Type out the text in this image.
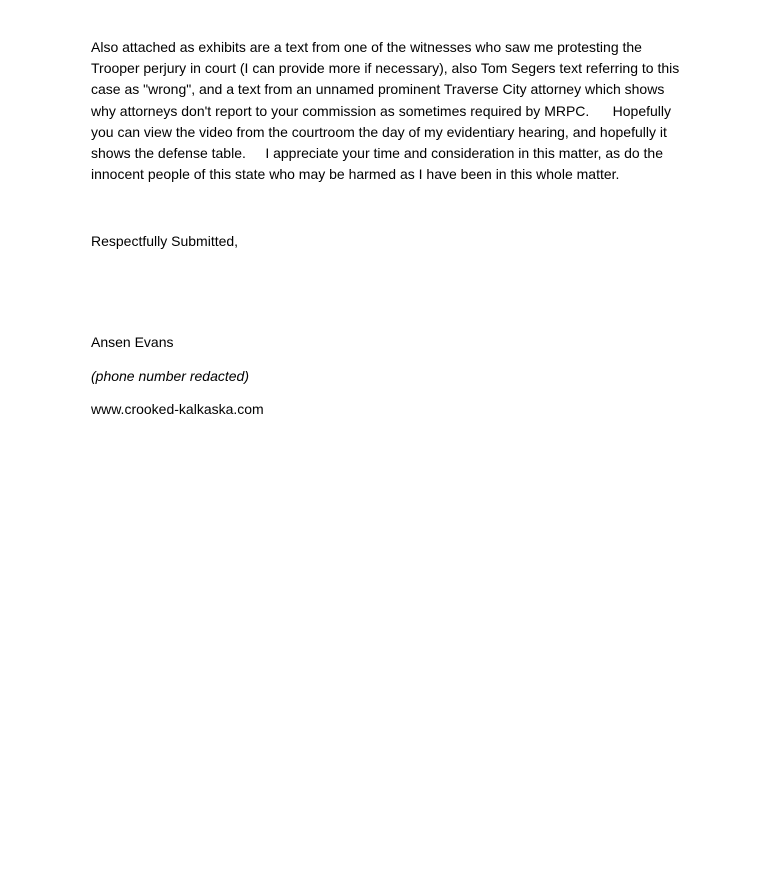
Also attached as exhibits are a text from one of the witnesses who saw me protesting the
Trooper perjury in court (I can provide more if necessary), also Tom Segers text referring to this
case as "wrong", and a text from an unnamed prominent Traverse City attorney which shows
why attorneys don't report to your commission as sometimes required by MRPC.      Hopefully
you can view the video from the courtroom the day of my evidentiary hearing, and hopefully it
shows the defense table.     I appreciate your time and consideration in this matter, as do the
innocent people of this state who may be harmed as I have been in this whole matter.
Respectfully Submitted,
Ansen Evans
(phone number redacted)
www.crooked-kalkaska.com
